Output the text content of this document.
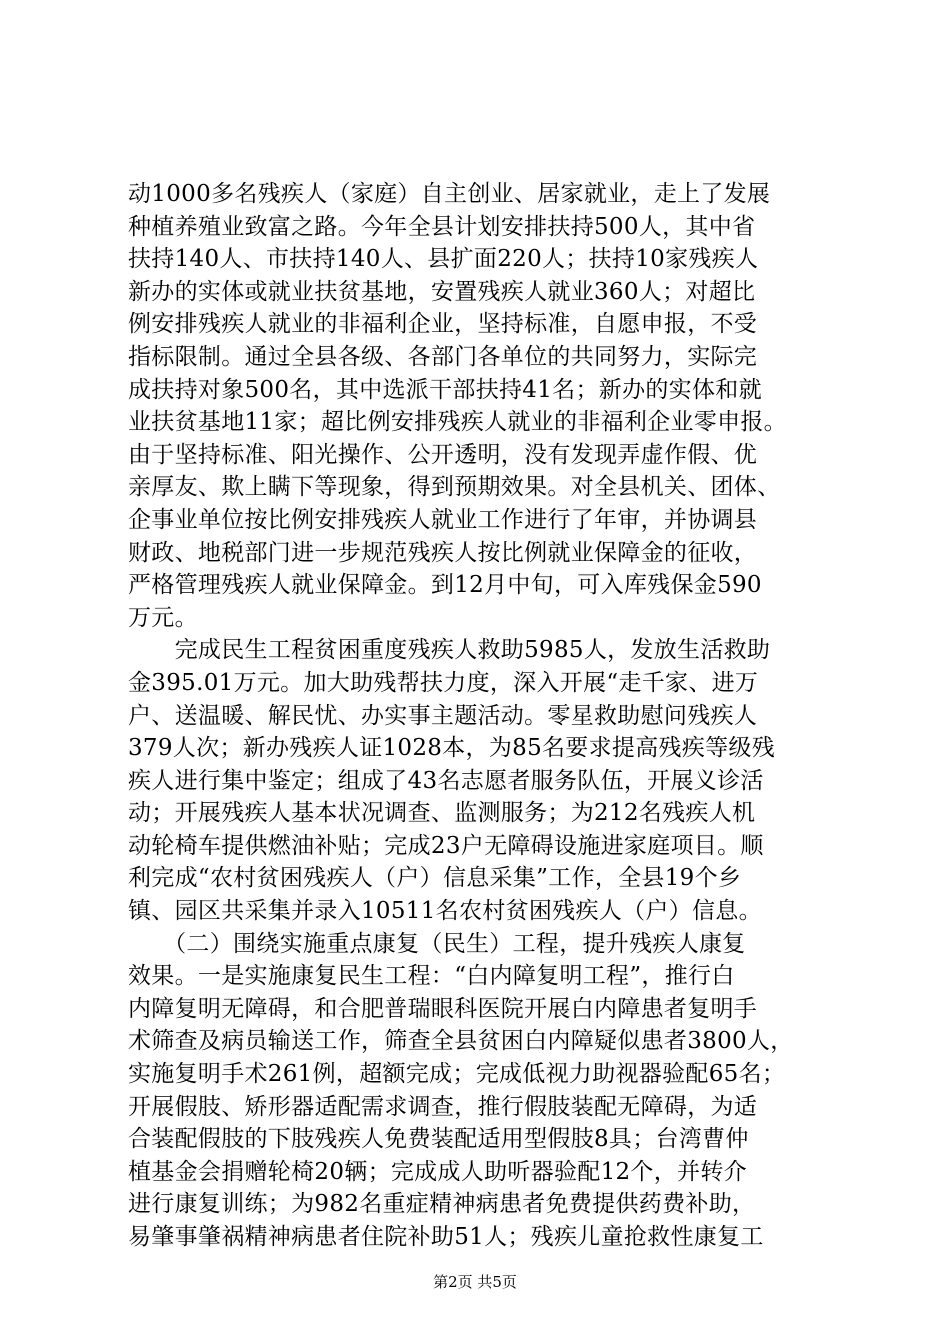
动1000多名残疾人（家庭）自主创业、居家就业，走上了发展
种植养殖业致富之路。今年全县计划安排扶持500人，其中省
扶持140人、市扶持140人、县扩面220人；扶持10家残疾人
新办的实体或就业扶贫基地，安置残疾人就业360人；对超比
例安排残疾人就业的非福利企业，坚持标准，自愿申报，不受
指标限制。通过全县各级、各部门各单位的共同努力，实际完
成扶持对象500名，其中选派干部扶持41名；新办的实体和就
业扶贫基地11家；超比例安排残疾人就业的非福利企业零申报。
由于坚持标准、阳光操作、公开透明，没有发现弄虚作假、优
亲厚友、欺上瞒下等现象，得到预期效果。对全县机关、团体、
企事业单位按比例安排残疾人就业工作进行了年审，并协调县
财政、地税部门进一步规范残疾人按比例就业保障金的征收，
严格管理残疾人就业保障金。到12月中旬，可入库残保金590
万元。
　　完成民生工程贫困重度残疾人救助5985人，发放生活救助
金395.01万元。加大助残帮扶力度，深入开展“走千家、进万
户、送温暖、解民忧、办实事主题活动。零星救助慰问残疾人
379人次；新办残疾人证1028本，为85名要求提高残疾等级残
疾人进行集中鉴定；组成了43名志愿者服务队伍，开展义诊活
动；开展残疾人基本状况调查、监测服务；为212名残疾人机
动轮椅车提供燃油补贴；完成23户无障碍设施进家庭项目。顺
利完成“农村贫困残疾人（户）信息采集”工作，全县19个乡
镇、园区共采集并录入10511名农村贫困残疾人（户）信息。
　　（二）围绕实施重点康复（民生）工程，提升残疾人康复
效果。一是实施康复民生工程：“白内障复明工程”，推行白
内障复明无障碍，和合肥普瑞眼科医院开展白内障患者复明手
术筛查及病员输送工作，筛查全县贫困白内障疑似患者3800人，
实施复明手术261例，超额完成；完成低视力助视器验配65名；
开展假肢、矫形器适配需求调查，推行假肢装配无障碍，为适
合装配假肢的下肢残疾人免费装配适用型假肢8具；台湾曹仲
植基金会捐赠轮椅20辆；完成成人助听器验配12个，并转介
进行康复训练；为982名重症精神病患者免费提供药费补助，
易肇事肇祸精神病患者住院补助51人；残疾儿童抢救性康复工
第2页 共5页
